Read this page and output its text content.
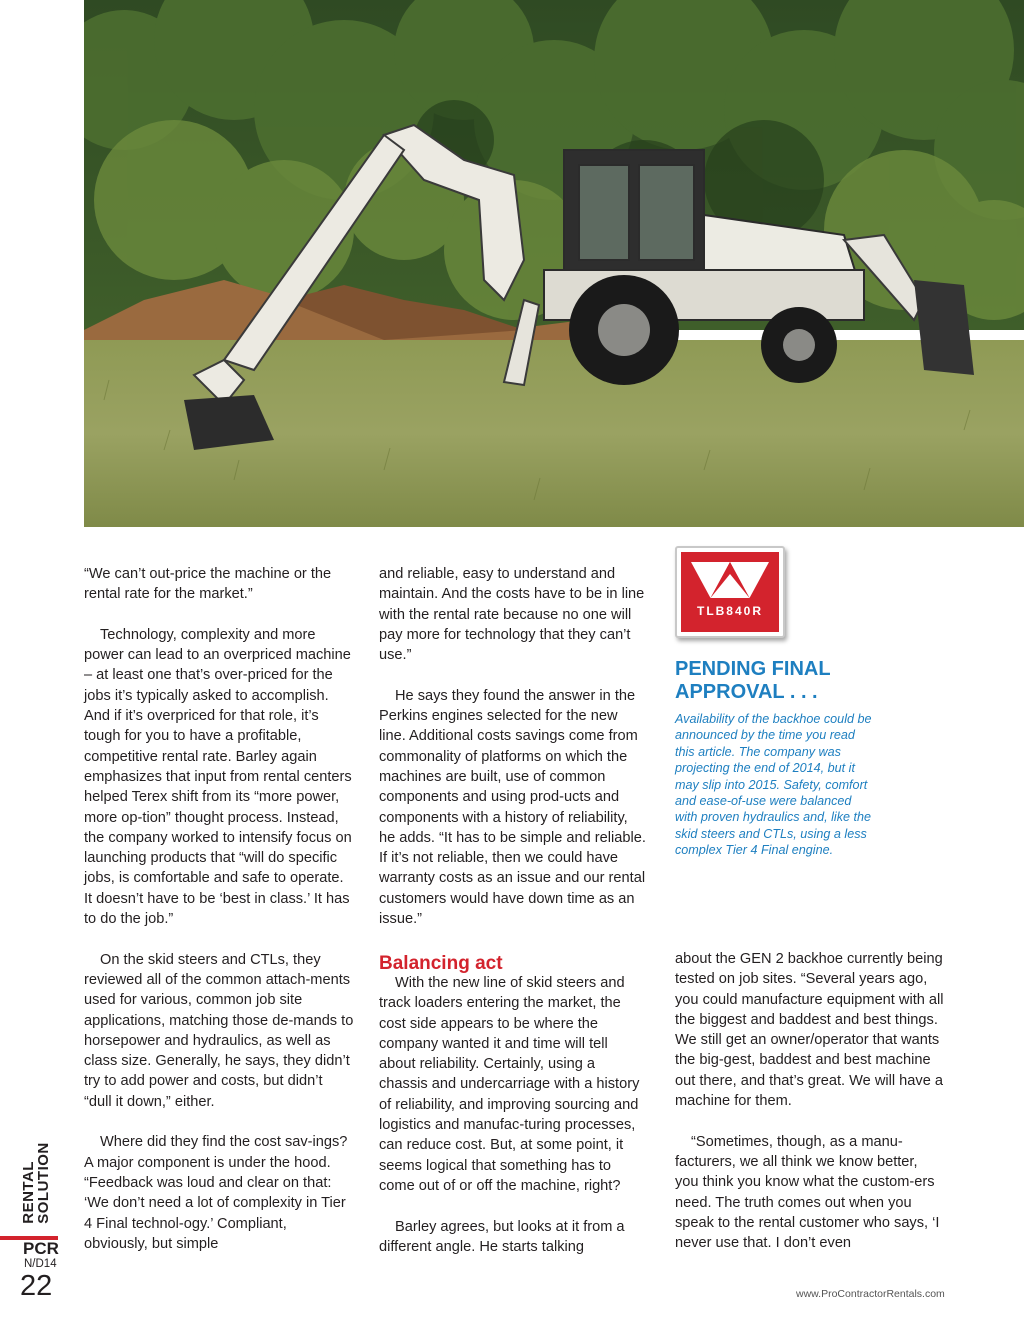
“We can’t out-price the machine or the rental rate for the market.”

Technology, complexity and more power can lead to an overpriced machine – at least one that’s over-priced for the jobs it’s typically asked to accomplish. And if it’s overpriced for that role, it’s tough for you to have a profitable, competitive rental rate. Barley again emphasizes that input from rental centers helped Terex shift from its “more power, more op-tion” thought process. Instead, the company worked to intensify focus on launching products that “will do specific jobs, is comfortable and safe to operate. It doesn’t have to be ‘best in class.’ It has to do the job.”

On the skid steers and CTLs, they reviewed all of the common attach-ments used for various, common job site applications, matching those de-mands to horsepower and hydraulics, as well as class size. Generally, he says, they didn’t try to add power and costs, but didn’t “dull it down,” either.

Where did they find the cost sav-ings? A major component is under the hood. “Feedback was loud and clear on that: ‘We don’t need a lot of complexity in Tier 4 Final technol-ogy.’ Compliant, obviously, but simple

and reliable, easy to understand and maintain. And the costs have to be in line with the rental rate because no one will pay more for technology that they can’t use.”

He says they found the answer in the Perkins engines selected for the new line. Additional costs savings come from commonality of platforms on which the machines are built, use of common components and using prod-ucts and components with a history of reliability, he adds. “It has to be simple and reliable. If it’s not reliable, then we could have warranty costs as an issue and our rental customers would have down time as an issue.”

Balancing act

With the new line of skid steers and track loaders entering the market, the cost side appears to be where the company wanted it and time will tell about reliability. Certainly, using a chassis and undercarriage with a history of reliability, and improving sourcing and logistics and manufac-turing processes, can reduce cost. But, at some point, it seems logical that something has to come out of or off the machine, right?

Barley agrees, but looks at it from a different angle. He starts talking

about the GEN 2 backhoe currently being tested on job sites. “Several years ago, you could manufacture equipment with all the biggest and baddest and best things. We still get an owner/operator that wants the big-gest, baddest and best machine out there, and that’s great. We will have a machine for them.

“Sometimes, though, as a manu-facturers, we all think we know better, you think you know what the custom-ers need. The truth comes out when you speak to the rental customer who says, ‘I never use that. I don’t even

TLB840R
PENDING FINAL APPROVAL . . .
Availability of the backhoe could be announced by the time you read this article. The company was projecting the end of 2014, but it may slip into 2015. Safety, comfort and ease-of-use were balanced with proven hydraulics and, like the skid steers and CTLs, using a less complex Tier 4 Final engine.
RENTAL
SOLUTION
PCR
N/D14
22	www.ProContractorRentals.com
